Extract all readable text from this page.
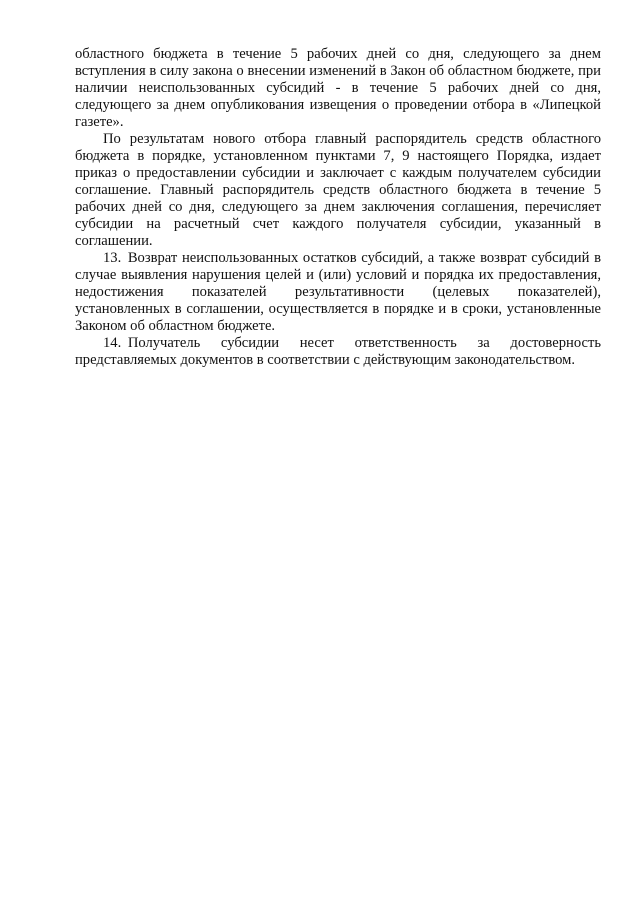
областного бюджета в течение 5 рабочих дней со дня, следующего за днем вступления в силу закона о внесении изменений в Закон об областном бюджете, при наличии неиспользованных субсидий - в течение 5 рабочих дней со дня, следующего за днем опубликования извещения о проведении отбора в «Липецкой газете».

По результатам нового отбора главный распорядитель средств областного бюджета в порядке, установленном пунктами 7, 9 настоящего Порядка, издает приказ о предоставлении субсидии и заключает с каждым получателем субсидии соглашение. Главный распорядитель средств областного бюджета в течение 5 рабочих дней со дня, следующего за днем заключения соглашения, перечисляет субсидии на расчетный счет каждого получателя субсидии, указанный в соглашении.

13. Возврат неиспользованных остатков субсидий, а также возврат субсидий в случае выявления нарушения целей и (или) условий и порядка их предоставления, недостижения показателей результативности (целевых показателей), установленных в соглашении, осуществляется в порядке и в сроки, установленные Законом об областном бюджете.

14. Получатель субсидии несет ответственность за достоверность представляемых документов в соответствии с действующим законодательством.
